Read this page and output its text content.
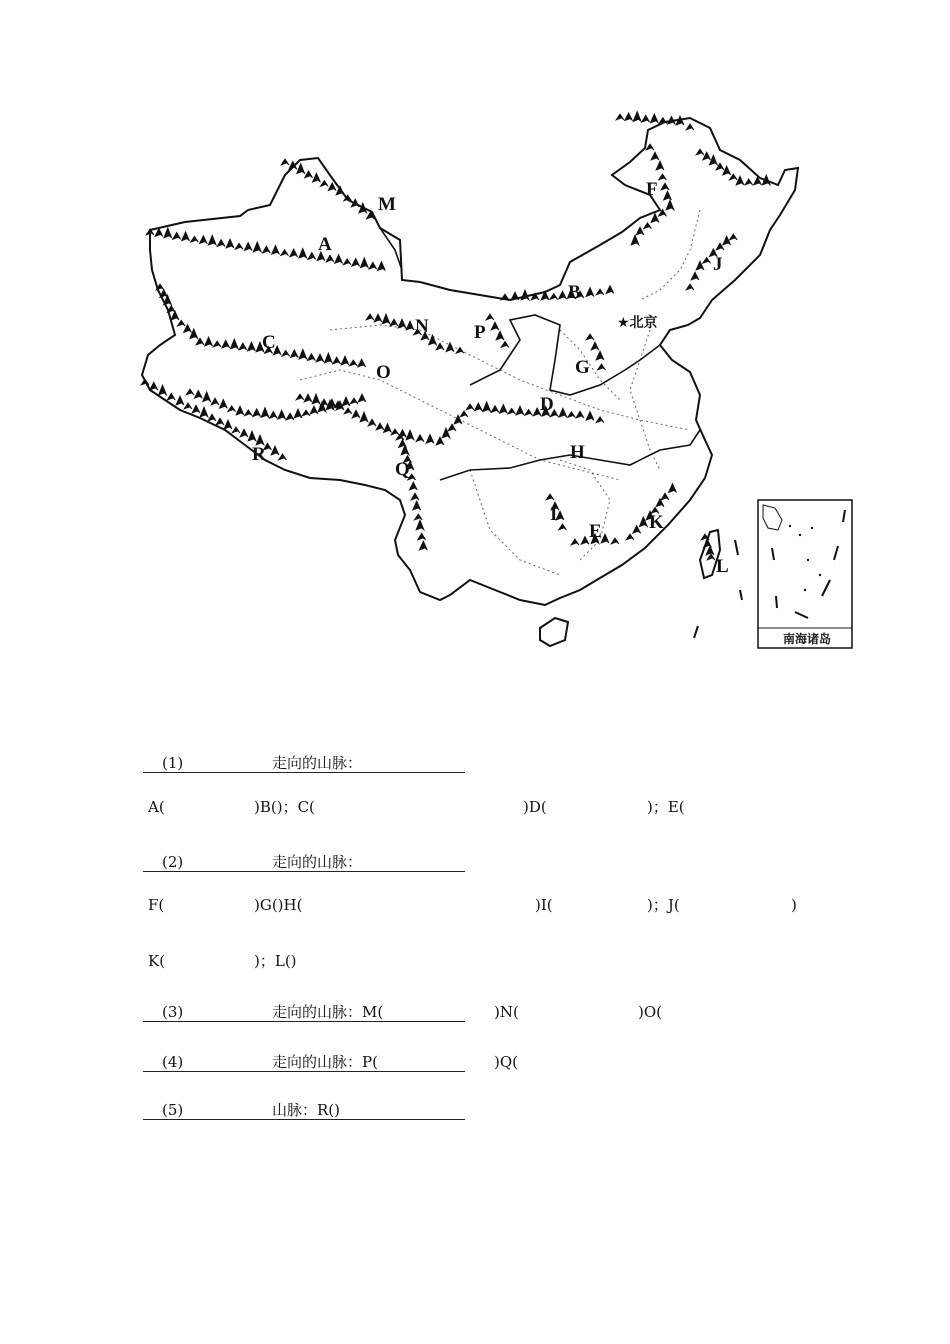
A
B
C
D
E
F
G
H
I
J
K
L
M
N
O
P
Q
R
★北京
南海诸岛
(1)	走向的山脉：
A(	)B()；C(	)D(	)；E(
(2)	走向的山脉：
F(	)G()H(	)I(	)；J(	)
K(	)；L()
(3)	走向的山脉：M(	)N(	)O(
(4)	走向的山脉：P(	)Q(
(5)	山脉：R()
